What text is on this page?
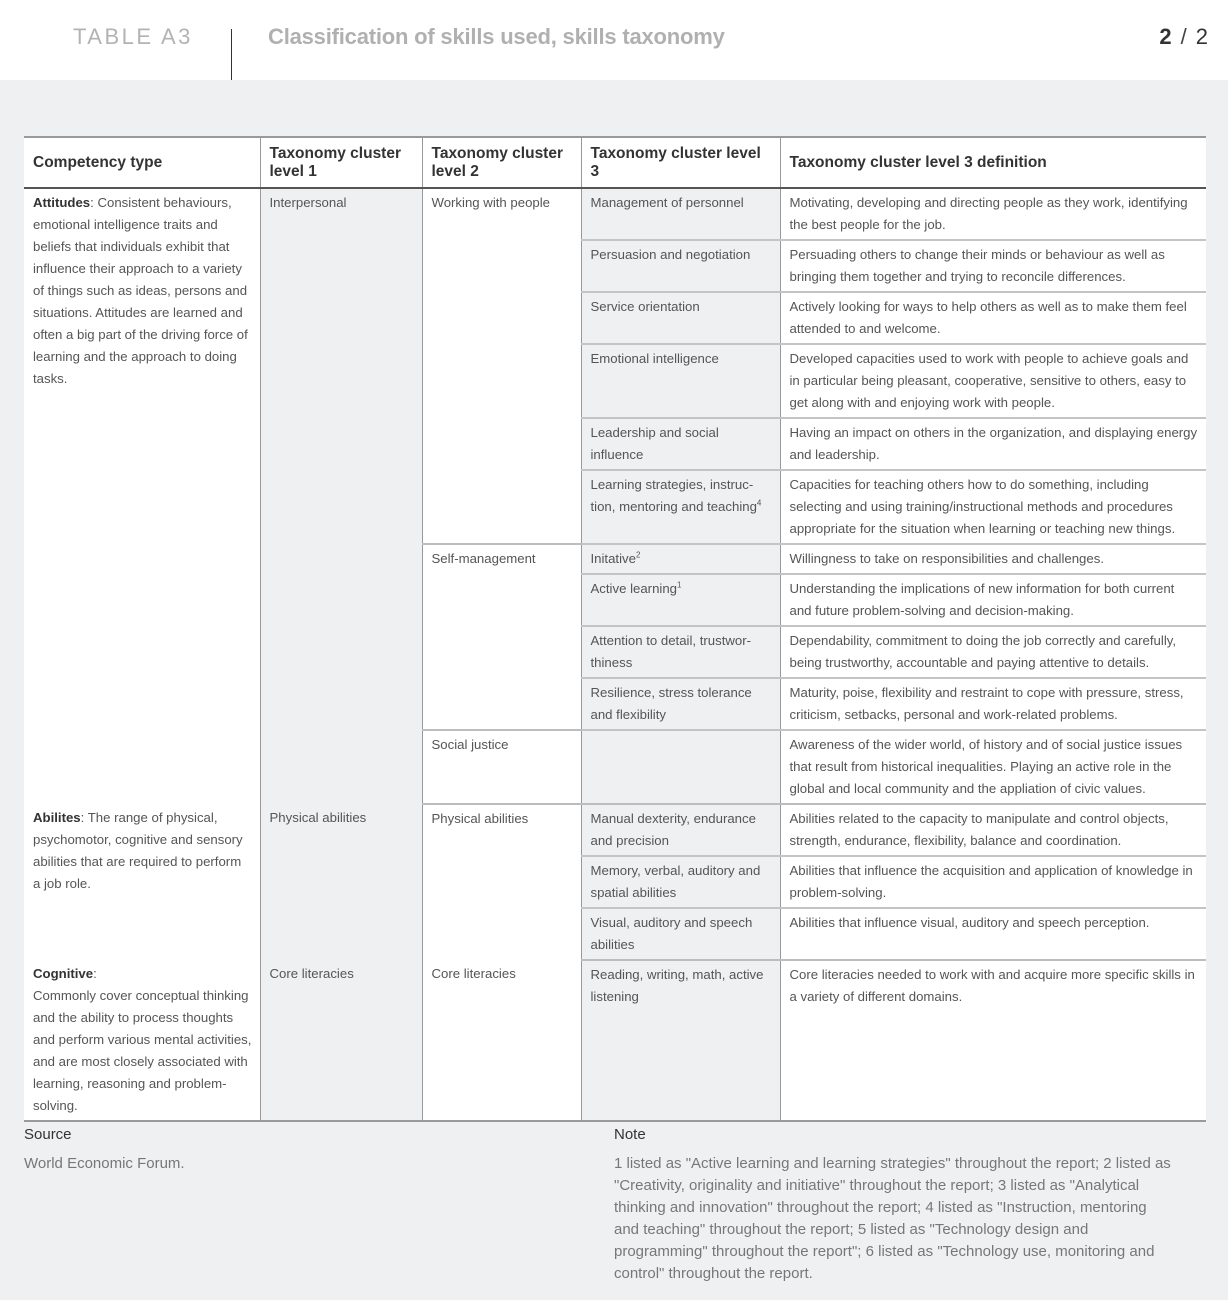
TABLE A3	Classification of skills used, skills taxonomy	2 / 2
Competency type	Taxonomy cluster level 1	Taxonomy cluster level 2	Taxonomy cluster level 3	Taxonomy cluster level 3 definition
Attitudes: Consistent behaviours, emotional intelligence traits and beliefs that individuals exhibit that influence their approach to a variety of things such as ideas, persons and situations. Attitudes are learned and often a big part of the driving force of learning and the approach to doing tasks.	Interpersonal	Working with people	Management of personnel	Motivating, developing and directing people as they work, identifying the best people for the job.
			Persuasion and negotiation	Persuading others to change their minds or behaviour as well as bringing them together and trying to reconcile differences.
			Service orientation	Actively looking for ways to help others as well as to make them feel attended to and welcome.
			Emotional intelligence	Developed capacities used to work with people to achieve goals and in particular being pleasant, cooperative, sensitive to others, easy to get along with and enjoying work with people.
			Leadership and social influence	Having an impact on others in the organization, and displaying energy and leadership.
			Learning strategies, instruc-tion, mentoring and teaching$^4$	Capacities for teaching others how to do something, including selecting and using training/instructional methods and procedures appropriate for the situation when learning or teaching new things.
		Self-management	Initative$^2$	Willingness to take on responsibilities and challenges.
			Active learning$^1$	Understanding the implications of new information for both current and future problem-solving and decision-making.
			Attention to detail, trustwor-thiness	Dependability, commitment to doing the job correctly and carefully, being trustworthy, accountable and paying attentive to details.
			Resilience, stress tolerance and flexibility	Maturity, poise, flexibility and restraint to cope with pressure, stress, criticism, setbacks, personal and work-related problems.
		Social justice		Awareness of the wider world, of history and of social justice issues that result from historical inequalities. Playing an active role in the global and local community and the appliation of civic values.
Abilites: The range of physical, psychomotor, cognitive and sensory abilities that are required to perform a job role.	Physical abilities	Physical abilities	Manual dexterity, endurance and precision	Abilities related to the capacity to manipulate and control objects, strength, endurance, flexibility, balance and coordination.
			Memory, verbal, auditory and spatial abilities	Abilities that influence the acquisition and application of knowledge in problem-solving.
			Visual, auditory and speech abilities	Abilities that influence visual, auditory and speech perception.
Cognitive:
Commonly cover conceptual thinking and the ability to process thoughts and perform various mental activities, and are most closely associated with learning, reasoning and problem-solving.	Core literacies	Core literacies	Reading, writing, math, active listening	Core literacies needed to work with and acquire more specific skills in a variety of different domains.
Source
World Economic Forum.
Note
1 listed as "Active learning and learning strategies" throughout the report; 2 listed as "Creativity, originality and initiative" throughout the report; 3 listed as "Analytical thinking and innovation" throughout the report; 4 listed as "Instruction, mentoring and teaching" throughout the report; 5 listed as "Technology design and programming" throughout the report"; 6 listed as "Technology use, monitoring and control" throughout the report.
